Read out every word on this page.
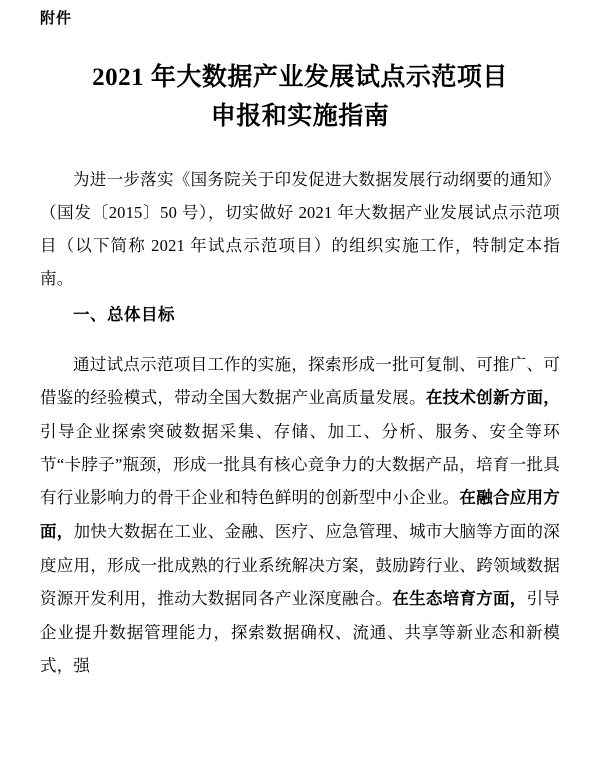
附件
2021 年大数据产业发展试点示范项目
申报和实施指南

为进一步落实《国务院关于印发促进大数据发展行动纲要的通知》（国发〔2015〕50 号），切实做好 2021 年大数据产业发展试点示范项目（以下简称 2021 年试点示范项目）的组织实施工作，特制定本指南。

一、总体目标

通过试点示范项目工作的实施，探索形成一批可复制、可推广、可借鉴的经验模式，带动全国大数据产业高质量发展。在技术创新方面，引导企业探索突破数据采集、存储、加工、分析、服务、安全等环节“卡脖子”瓶颈，形成一批具有核心竞争力的大数据产品，培育一批具有行业影响力的骨干企业和特色鲜明的创新型中小企业。在融合应用方面，加快大数据在工业、金融、医疗、应急管理、城市大脑等方面的深度应用，形成一批成熟的行业系统解决方案，鼓励跨行业、跨领域数据资源开发利用，推动大数据同各产业深度融合。在生态培育方面，引导企业提升数据管理能力，探索数据确权、流通、共享等新业态和新模式，强
